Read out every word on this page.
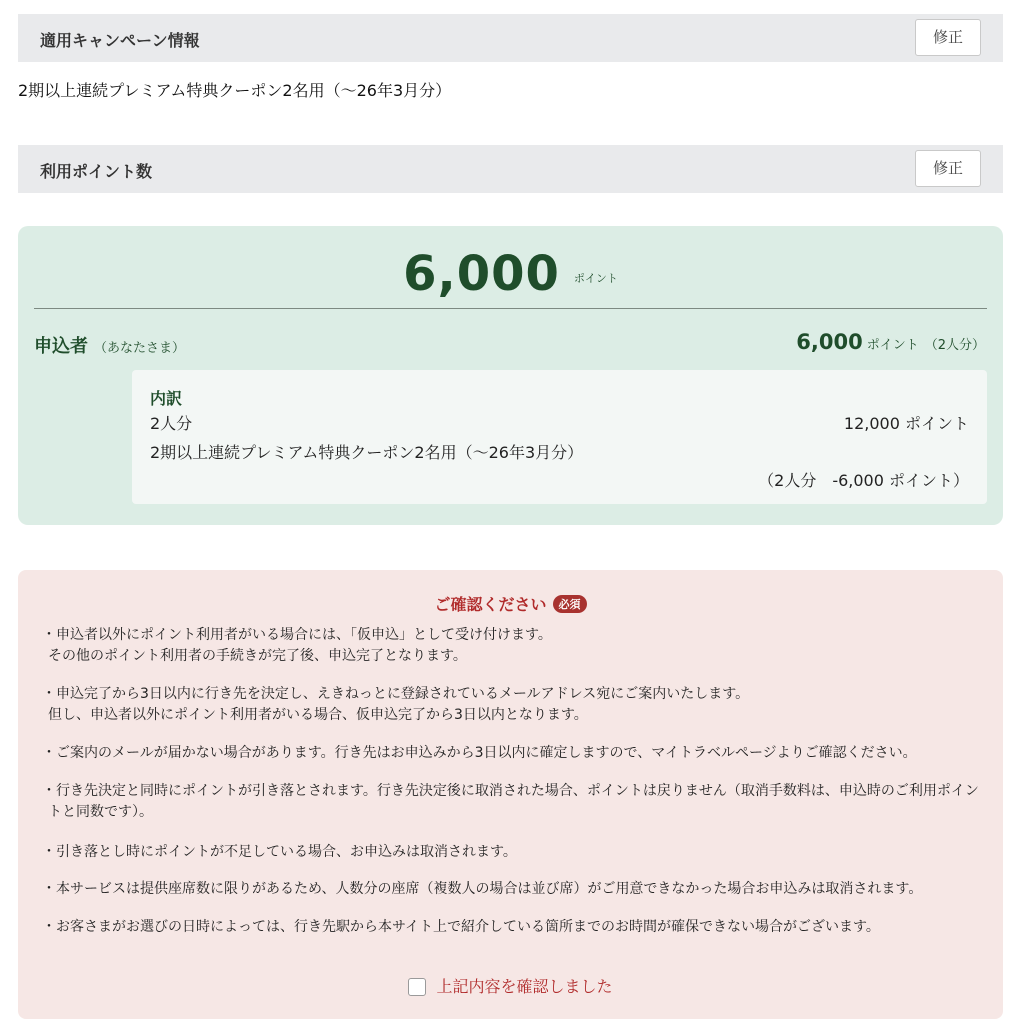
適用キャンペーン情報	修正
2期以上連続プレミアム特典クーポン2名用（～26年3月分）
利用ポイント数	修正
6,000 $^{ポイント}$
申込者 （あなたさま）	6,000 ポイント （2人分）
内訳
2人分	12,000 ポイント
2期以上連続プレミアム特典クーポン2名用（～26年3月分）
（2人分　-6,000 ポイント）
ご確認ください 必須
・申込者以外にポイント利用者がいる場合には、「仮申込」として受け付けます。
その他のポイント利用者の手続きが完了後、申込完了となります。
・申込完了から3日以内に行き先を決定し、えきねっとに登録されているメールアドレス宛にご案内いたします。
但し、申込者以外にポイント利用者がいる場合、仮申込完了から3日以内となります。
・ご案内のメールが届かない場合があります。行き先はお申込みから3日以内に確定しますので、マイトラベルページよりご確認ください。
・行き先決定と同時にポイントが引き落とされます。行き先決定後に取消された場合、ポイントは戻りません（取消手数料は、申込時のご利用ポイン
トと同数です）。
・引き落とし時にポイントが不足している場合、お申込みは取消されます。
・本サービスは提供座席数に限りがあるため、人数分の座席（複数人の場合は並び席）がご用意できなかった場合お申込みは取消されます。
・お客さまがお選びの日時によっては、行き先駅から本サイト上で紹介している箇所までのお時間が確保できない場合がございます。
上記内容を確認しました
